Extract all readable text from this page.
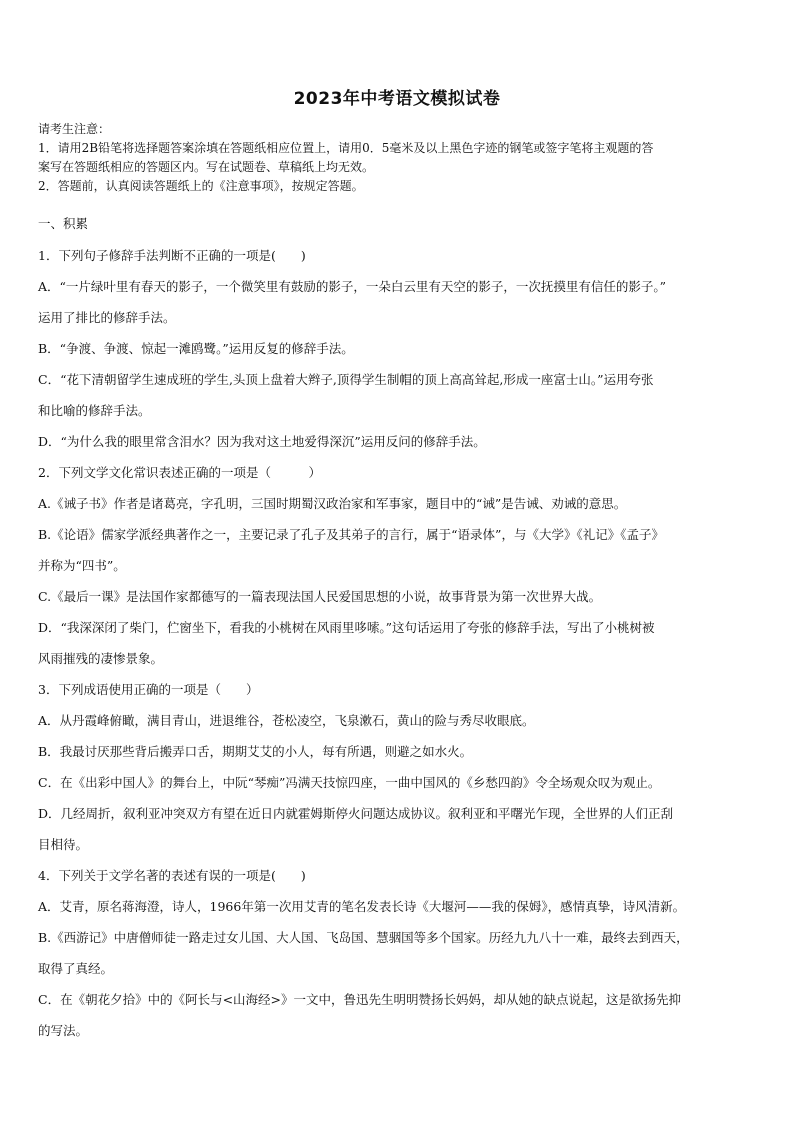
2023年中考语文模拟试卷

请考生注意：

1．请用2B铅笔将选择题答案涂填在答题纸相应位置上，请用0．5毫米及以上黑色字迹的钢笔或签字笔将主观题的答

案写在答题纸相应的答题区内。写在试题卷、草稿纸上均无效。

2．答题前，认真阅读答题纸上的《注意事项》，按规定答题。

一、积累

1．下列句子修辞手法判断不正确的一项是(　　)

A．“一片绿叶里有春天的影子，一个微笑里有鼓励的影子，一朵白云里有天空的影子，一次抚摸里有信任的影子。”

运用了排比的修辞手法。

B．“争渡、争渡、惊起一滩鸥鹭。”运用反复的修辞手法。

C．“花下清朝留学生速成班的学生,头顶上盘着大辫子,顶得学生制帽的顶上高高耸起,形成一座富士山。”运用夸张

和比喻的修辞手法。

D．“为什么我的眼里常含泪水？因为我对这土地爱得深沉”运用反问的修辞手法。

2．下列文学文化常识表述正确的一项是（　　　）

A.《诫子书》作者是诸葛亮，字孔明，三国时期蜀汉政治家和军事家，题目中的“诫”是告诫、劝诫的意思。

B.《论语》儒家学派经典著作之一，主要记录了孔子及其弟子的言行，属于“语录体”，与《大学》《礼记》《孟子》

并称为“四书”。

C.《最后一课》是法国作家都德写的一篇表现法国人民爱国思想的小说，故事背景为第一次世界大战。

D．“我深深闭了柴门，伫窗坐下，看我的小桃树在风雨里哆嗦。”这句话运用了夸张的修辞手法，写出了小桃树被

风雨摧残的凄惨景象。

3．下列成语使用正确的一项是（　　）

A．从丹霞峰俯瞰，满目青山，进退维谷，苍松凌空，飞泉漱石，黄山的险与秀尽收眼底。

B．我最讨厌那些背后搬弄口舌，期期艾艾的小人，每有所遇，则避之如水火。

C．在《出彩中国人》的舞台上，中阮“琴痴”冯满天技惊四座，一曲中国风的《乡愁四韵》令全场观众叹为观止。

D．几经周折，叙利亚冲突双方有望在近日内就霍姆斯停火问题达成协议。叙利亚和平曙光乍现，全世界的人们正刮

目相待。

4．下列关于文学名著的表述有误的一项是(　　)

A．艾青，原名蒋海澄，诗人，1966年第一次用艾青的笔名发表长诗《大堰河——我的保姆》，感情真挚，诗风清新。

B.《西游记》中唐僧师徒一路走过女儿国、大人国、飞岛国、慧骃国等多个国家。历经九九八十一难，最终去到西天，

取得了真经。

C．在《朝花夕拾》中的《阿长与<山海经>》一文中，鲁迅先生明明赞扬长妈妈，却从她的缺点说起，这是欲扬先抑

的写法。
